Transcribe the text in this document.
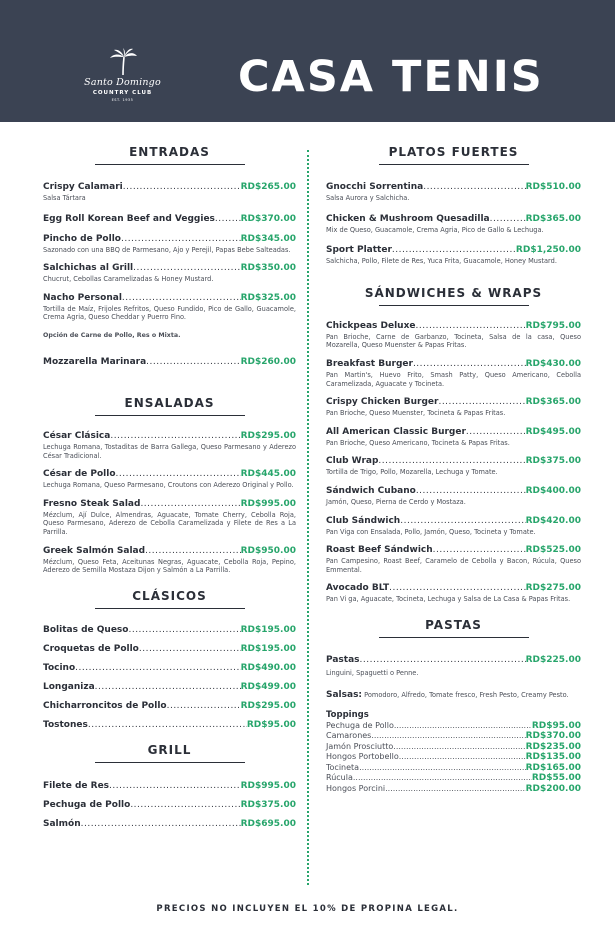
Santo Domingo
COUNTRY CLUB
EST. 1935	CASA TENIS
ENTRADAS
Crispy Calamari .....	RD$265.00
Salsa Tártara
Egg Roll Korean Beef and Veggies .....	RD$370.00
Pincho de Pollo .....	RD$345.00
Sazonado con una BBQ de Parmesano, Ajo y Perejil, Papas Bebe Salteadas.
Salchichas al Grill .....	RD$350.00
Chucrut, Cebollas Caramelizadas & Honey Mustard.
Nacho Personal .....	RD$325.00
Tortilla de Maíz, Frijoles Refritos, Queso Fundido, Pico de Gallo, Guacamole, Crema Agria, Queso Cheddar y Puerro Fino.
Opción de Carne de Pollo, Res o Mixta.
Mozzarella Marinara .....	RD$260.00
ENSALADAS
César Clásica .....	RD$295.00
Lechuga Romana, Tostaditas de Barra Gallega, Queso Parmesano y Aderezo César Tradicional.
César de Pollo .....	RD$445.00
Lechuga Romana, Queso Parmesano, Croutons con Aderezo Original y Pollo.
Fresno Steak Salad .....	RD$995.00
Mézclum, Ají Dulce, Almendras, Aguacate, Tomate Cherry, Cebolla Roja, Queso Parmesano, Aderezo de Cebolla Caramelizada y Filete de Res a La Parrilla.
Greek Salmón Salad .....	RD$950.00
Mézclum, Queso Feta, Aceitunas Negras, Aguacate, Cebolla Roja, Pepino, Aderezo de Semilla Mostaza Dijon y Salmón a La Parrilla.
CLÁSICOS
Bolitas de Queso .....	RD$195.00
Croquetas de Pollo .....	RD$195.00
Tocino .....	RD$490.00
Longaniza .....	RD$499.00
Chicharroncitos de Pollo .....	RD$295.00
Tostones .....	RD$95.00
GRILL
Filete de Res .....	RD$995.00
Pechuga de Pollo .....	RD$375.00
Salmón .....	RD$695.00
PLATOS FUERTES
Gnocchi Sorrentina .....	RD$510.00
Salsa Aurora y Salchicha.
Chicken & Mushroom Quesadilla .....	RD$365.00
Mix de Queso, Guacamole, Crema Agria, Pico de Gallo & Lechuga.
Sport Platter .....	RD$1,250.00
Salchicha, Pollo, Filete de Res, Yuca Frita, Guacamole, Honey Mustard.
SÁNDWICHES & WRAPS
Chickpeas Deluxe .....	RD$795.00
Pan Brioche, Carne de Garbanzo, Tocineta, Salsa de la casa, Queso Mozarella, Queso Muenster & Papas Fritas.
Breakfast Burger .....	RD$430.00
Pan Martin's, Huevo Frito, Smash Patty, Queso Americano, Cebolla Caramelizada, Aguacate y Tocineta.
Crispy Chicken Burger .....	RD$365.00
Pan Brioche, Queso Muenster, Tocineta & Papas Fritas.
All American Classic Burger .....	RD$495.00
Pan Brioche, Queso Americano, Tocineta & Papas Fritas.
Club Wrap .....	RD$375.00
Tortilla de Trigo, Pollo, Mozarella, Lechuga y Tomate.
Sándwich Cubano .....	RD$400.00
Jamón, Queso, Pierna de Cerdo y Mostaza.
Club Sándwich .....	RD$420.00
Pan Viga con Ensalada, Pollo, Jamón, Queso, Tocineta y Tomate.
Roast Beef Sándwich .....	RD$525.00
Pan Campesino, Roast Beef, Caramelo de Cebolla y Bacon, Rúcula, Queso Emmental.
Avocado BLT .....	RD$275.00
Pan Vi ga, Aguacate, Tocineta, Lechuga y Salsa de La Casa & Papas Fritas.
PASTAS
Pastas .....	RD$225.00
Linguini, Spaguetti o Penne.
Salsas: Pomodoro, Alfredo, Tomate fresco, Fresh Pesto, Creamy Pesto.
Toppings
Pechuga de Pollo .....	RD$95.00
Camarones .....	RD$370.00
Jamón Prosciutto .....	RD$235.00
Hongos Portobello .....	RD$135.00
Tocineta .....	RD$165.00
Rúcula .....	RD$55.00
Hongos Porcini .....	RD$200.00
PRECIOS NO INCLUYEN EL 10% DE PROPINA LEGAL.
